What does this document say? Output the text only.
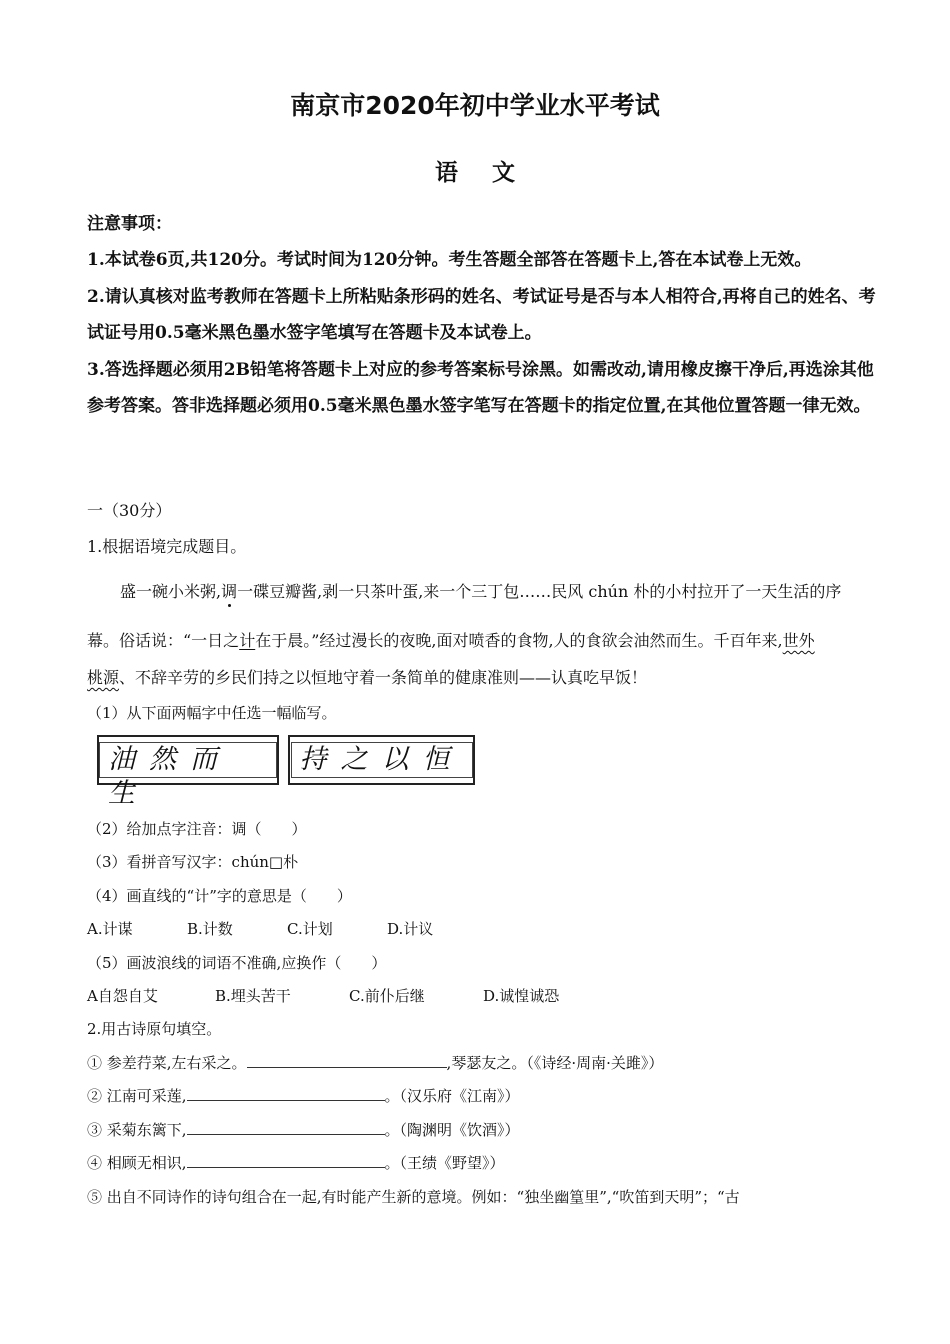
南京市2020年初中学业水平考试
语文

注意事项：

1.本试卷6页,共120分。考试时间为120分钟。考生答题全部答在答题卡上,答在本试卷上无效。

2.请认真核对监考教师在答题卡上所粘贴条形码的姓名、考试证号是否与本人相符合,再将自己的姓名、考试证号用0.5毫米黑色墨水签字笔填写在答题卡及本试卷上。

3.答选择题必须用2B铅笔将答题卡上对应的参考答案标号涂黑。如需改动,请用橡皮擦干净后,再选涂其他参考答案。答非选择题必须用0.5毫米黑色墨水签字笔写在答题卡的指定位置,在其他位置答题一律无效。

一（30分）
1.根据语境完成题目。
盛一碗小米粥,调一碟豆瓣酱,剥一只茶叶蛋,来一个三丁包……民风 chún 朴的小村拉开了一天生活的序
幕。俗话说：“一日之计在于晨。”经过漫长的夜晚,面对喷香的食物,人的食欲会油然而生。千百年来,世外
桃源、不辞辛劳的乡民们持之以恒地守着一条简单的健康准则——认真吃早饭！
（1）从下面两幅字中任选一幅临写。
油然而生
持之以恒
（2）给加点字注音：调（　　）
（3）看拼音写汉字：chún□朴
（4）画直线的“计”字的意思是（　　）
A.计谋	B.计数	C.计划	D.计议
（5）画波浪线的词语不准确,应换作（　　）
A自怨自艾	B.埋头苦干	C.前仆后继	D.诚惶诚恐
2.用古诗原句填空。
① 参差荇菜,左右采之。	,琴瑟友之。（《诗经·周南·关雎》）
② 江南可采莲,	。（汉乐府《江南》）
③ 采菊东篱下,	。（陶渊明《饮酒》）
④ 相顾无相识,	。（王绩《野望》）
⑤ 出自不同诗作的诗句组合在一起,有时能产生新的意境。例如：“独坐幽篁里”,“吹笛到天明”；“古
